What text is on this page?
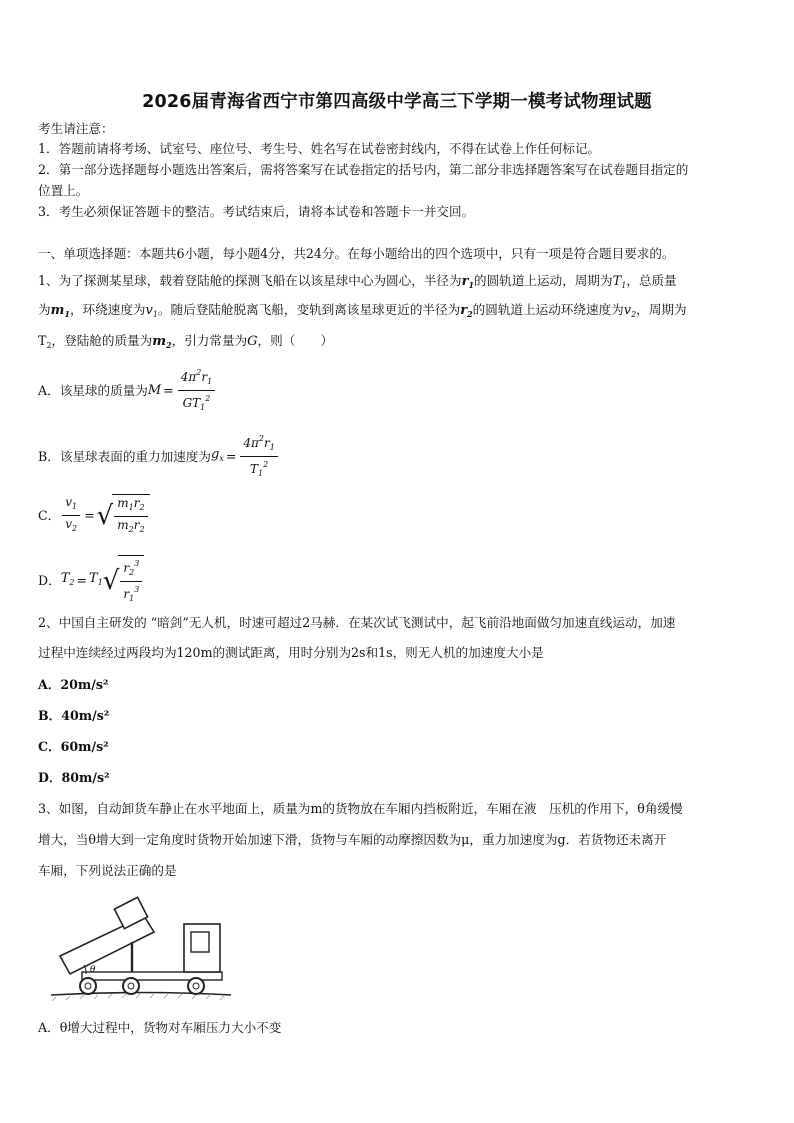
2026届青海省西宁市第四高级中学高三下学期一模考试物理试题
考生请注意：
1．答题前请将考场、试室号、座位号、考生号、姓名写在试卷密封线内，不得在试卷上作任何标记。
2．第一部分选择题每小题选出答案后，需将答案写在试卷指定的括号内，第二部分非选择题答案写在试卷题目指定的
位置上。
3．考生必须保证答题卡的整洁。考试结束后，请将本试卷和答题卡一并交回。
一、单项选择题：本题共6小题，每小题4分，共24分。在每小题给出的四个选项中，只有一项是符合题目要求的。
1、为了探测某星球，载着登陆舱的探测飞船在以该星球中心为圆心，半径为$r_1$的圆轨道上运动，周期为$T_1$，总质量
为$m_1$，环绕速度为$v_1$。随后登陆舱脱离飞船，变轨到离该星球更近的半径为$r_2$的圆轨道上运动环绕速度为$v_2$，周期为
$T_2$，登陆舱的质量为$m_2$，引力常量为G，则（　　）
A．该星球的质量为 $M = \frac{4\pi^2r_1}{GT_1^2}$
B．该星球表面的重力加速度为 $g_x = \frac{4\pi^2r_1}{T_1^2}$
C． $\frac{v_1}{v_2}$ = √ $\frac{m_1r_2}{m_2r_2}$
D． $T_2 = T_1$ √ $\frac{r_2^3}{r_1^3}$
2、中国自主研发的 “暗剑”无人机，时速可超过2马赫．在某次试飞测试中，起飞前沿地面做匀加速直线运动，加速
过程中连续经过两段均为120m的测试距离，用时分别为2s和1s，则无人机的加速度大小是
A．20m/s²
B．40m/s²
C．60m/s²
D．80m/s²
3、如图，自动卸货车静止在水平地面上，质量为m的货物放在车厢内挡板附近，车厢在液　压机的作用下，θ角缓慢
增大，当θ增大到一定角度时货物开始加速下滑，货物与车厢的动摩擦因数为μ，重力加速度为g．若货物还未离开
车厢，下列说法正确的是
θ
A．θ增大过程中，货物对车厢压力大小不变
